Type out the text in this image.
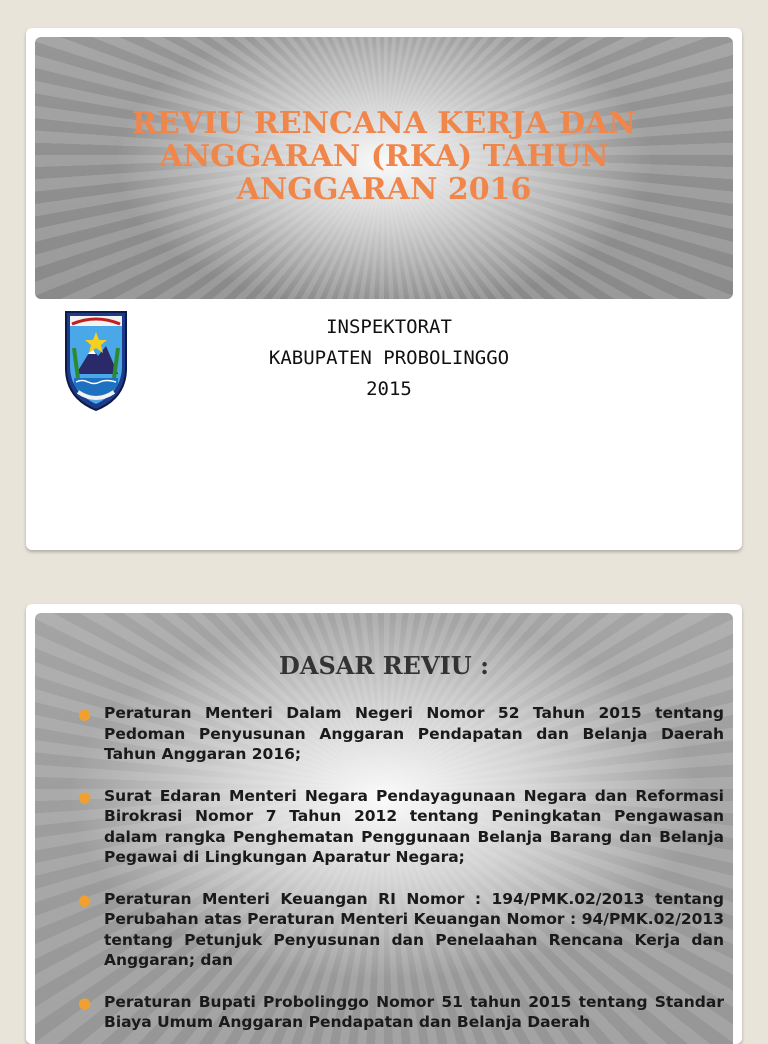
REVIU RENCANA KERJA DAN
ANGGARAN (RKA) TAHUN
ANGGARAN 2016
INSPEKTORAT
KABUPATEN PROBOLINGGO
2015
DASAR REVIU :
● Peraturan Menteri Dalam Negeri Nomor 52 Tahun 2015 tentang Pedoman Penyusunan Anggaran Pendapatan dan Belanja Daerah Tahun Anggaran 2016;
● Surat Edaran Menteri Negara Pendayagunaan Negara dan Reformasi Birokrasi Nomor 7 Tahun 2012 tentang Peningkatan Pengawasan dalam rangka Penghematan Penggunaan Belanja Barang dan Belanja Pegawai di Lingkungan Aparatur Negara;
● Peraturan Menteri Keuangan RI Nomor : 194/PMK.02/2013 tentang Perubahan atas Peraturan Menteri Keuangan Nomor : 94/PMK.02/2013 tentang Petunjuk Penyusunan dan Penelaahan Rencana Kerja dan Anggaran; dan
● Peraturan Bupati Probolinggo Nomor 51 tahun 2015 tentang Standar Biaya Umum Anggaran Pendapatan dan Belanja Daerah
